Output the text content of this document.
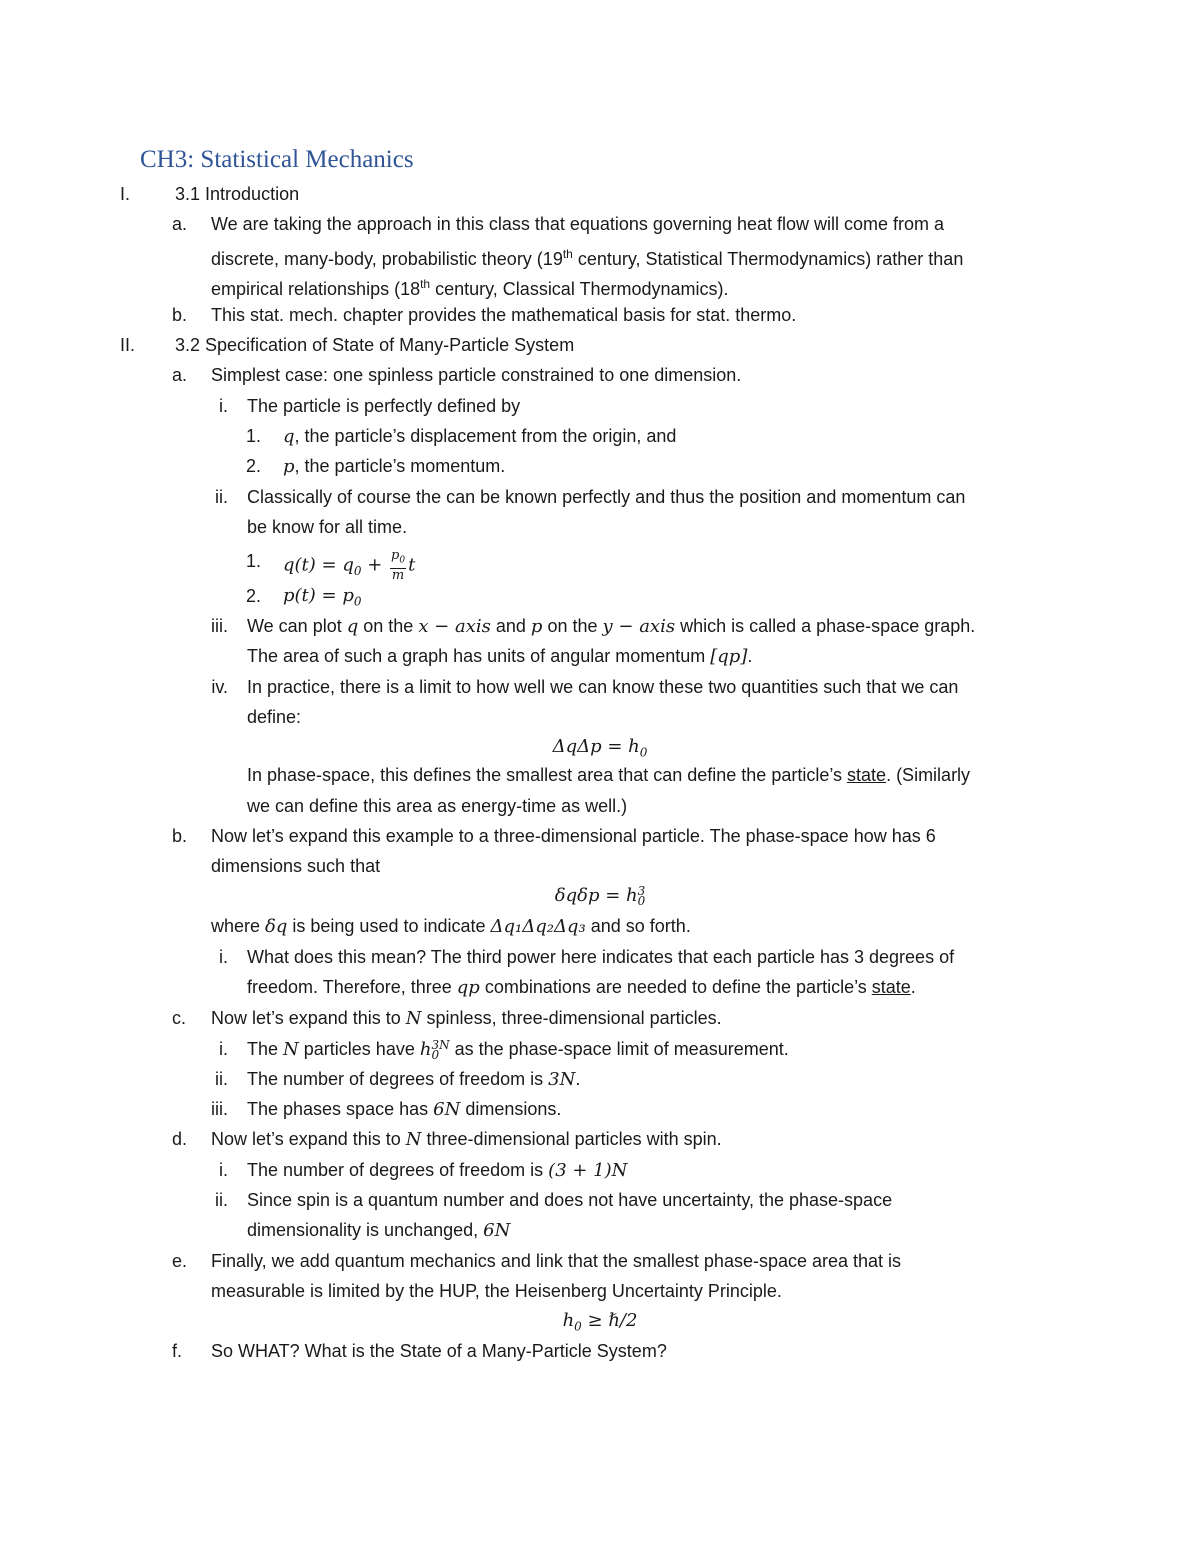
CH3: Statistical Mechanics
I.	3.1 Introduction
a. We are taking the approach in this class that equations governing heat flow will come from a
discrete, many-body, probabilistic theory (19th century, Statistical Thermodynamics) rather than
empirical relationships (18th century, Classical Thermodynamics).
b. This stat. mech. chapter provides the mathematical basis for stat. thermo.
II.	3.2 Specification of State of Many-Particle System
a. Simplest case: one spinless particle constrained to one dimension.
i. The particle is perfectly defined by
1. q, the particle’s displacement from the origin, and
2. p, the particle’s momentum.
ii. Classically of course the can be known perfectly and thus the position and momentum can
be know for all time.
1. $q(t) = q_0 + \frac{p_0}{m}$ t
2. $p(t) = p_0$
iii. We can plot q on the x − axis and p on the y − axis which is called a phase-space graph.
The area of such a graph has units of angular momentum [qp].
iv. In practice, there is a limit to how well we can know these two quantities such that we can
define:
$\Delta q\Delta p = h_0$
In phase-space, this defines the smallest area that can define the particle’s state. (Similarly
we can define this area as energy-time as well.)
b. Now let’s expand this example to a three-dimensional particle. The phase-space how has 6
dimensions such that
δqδp = h 3
0
where δq is being used to indicate Δq₁Δq₂Δq₃ and so forth.
i. What does this mean? The third power here indicates that each particle has 3 degrees of
freedom. Therefore, three qp combinations are needed to define the particle’s state.
c.	Now let’s expand this to N spinless, three-dimensional particles.
i. The N particles have h 3N
0 as the phase-space limit of measurement.
ii. The number of degrees of freedom is 3N.
iii. The phases space has 6N dimensions.
d. Now let’s expand this to N three-dimensional particles with spin.
i. The number of degrees of freedom is (3 + 1)N
ii. Since spin is a quantum number and does not have uncertainty, the phase-space
dimensionality is unchanged, 6N
e. Finally, we add quantum mechanics and link that the smallest phase-space area that is
measurable is limited by the HUP, the Heisenberg Uncertainty Principle.
$h_0$ ≥ ℏ/2
f.	So WHAT? What is the State of a Many-Particle System?
